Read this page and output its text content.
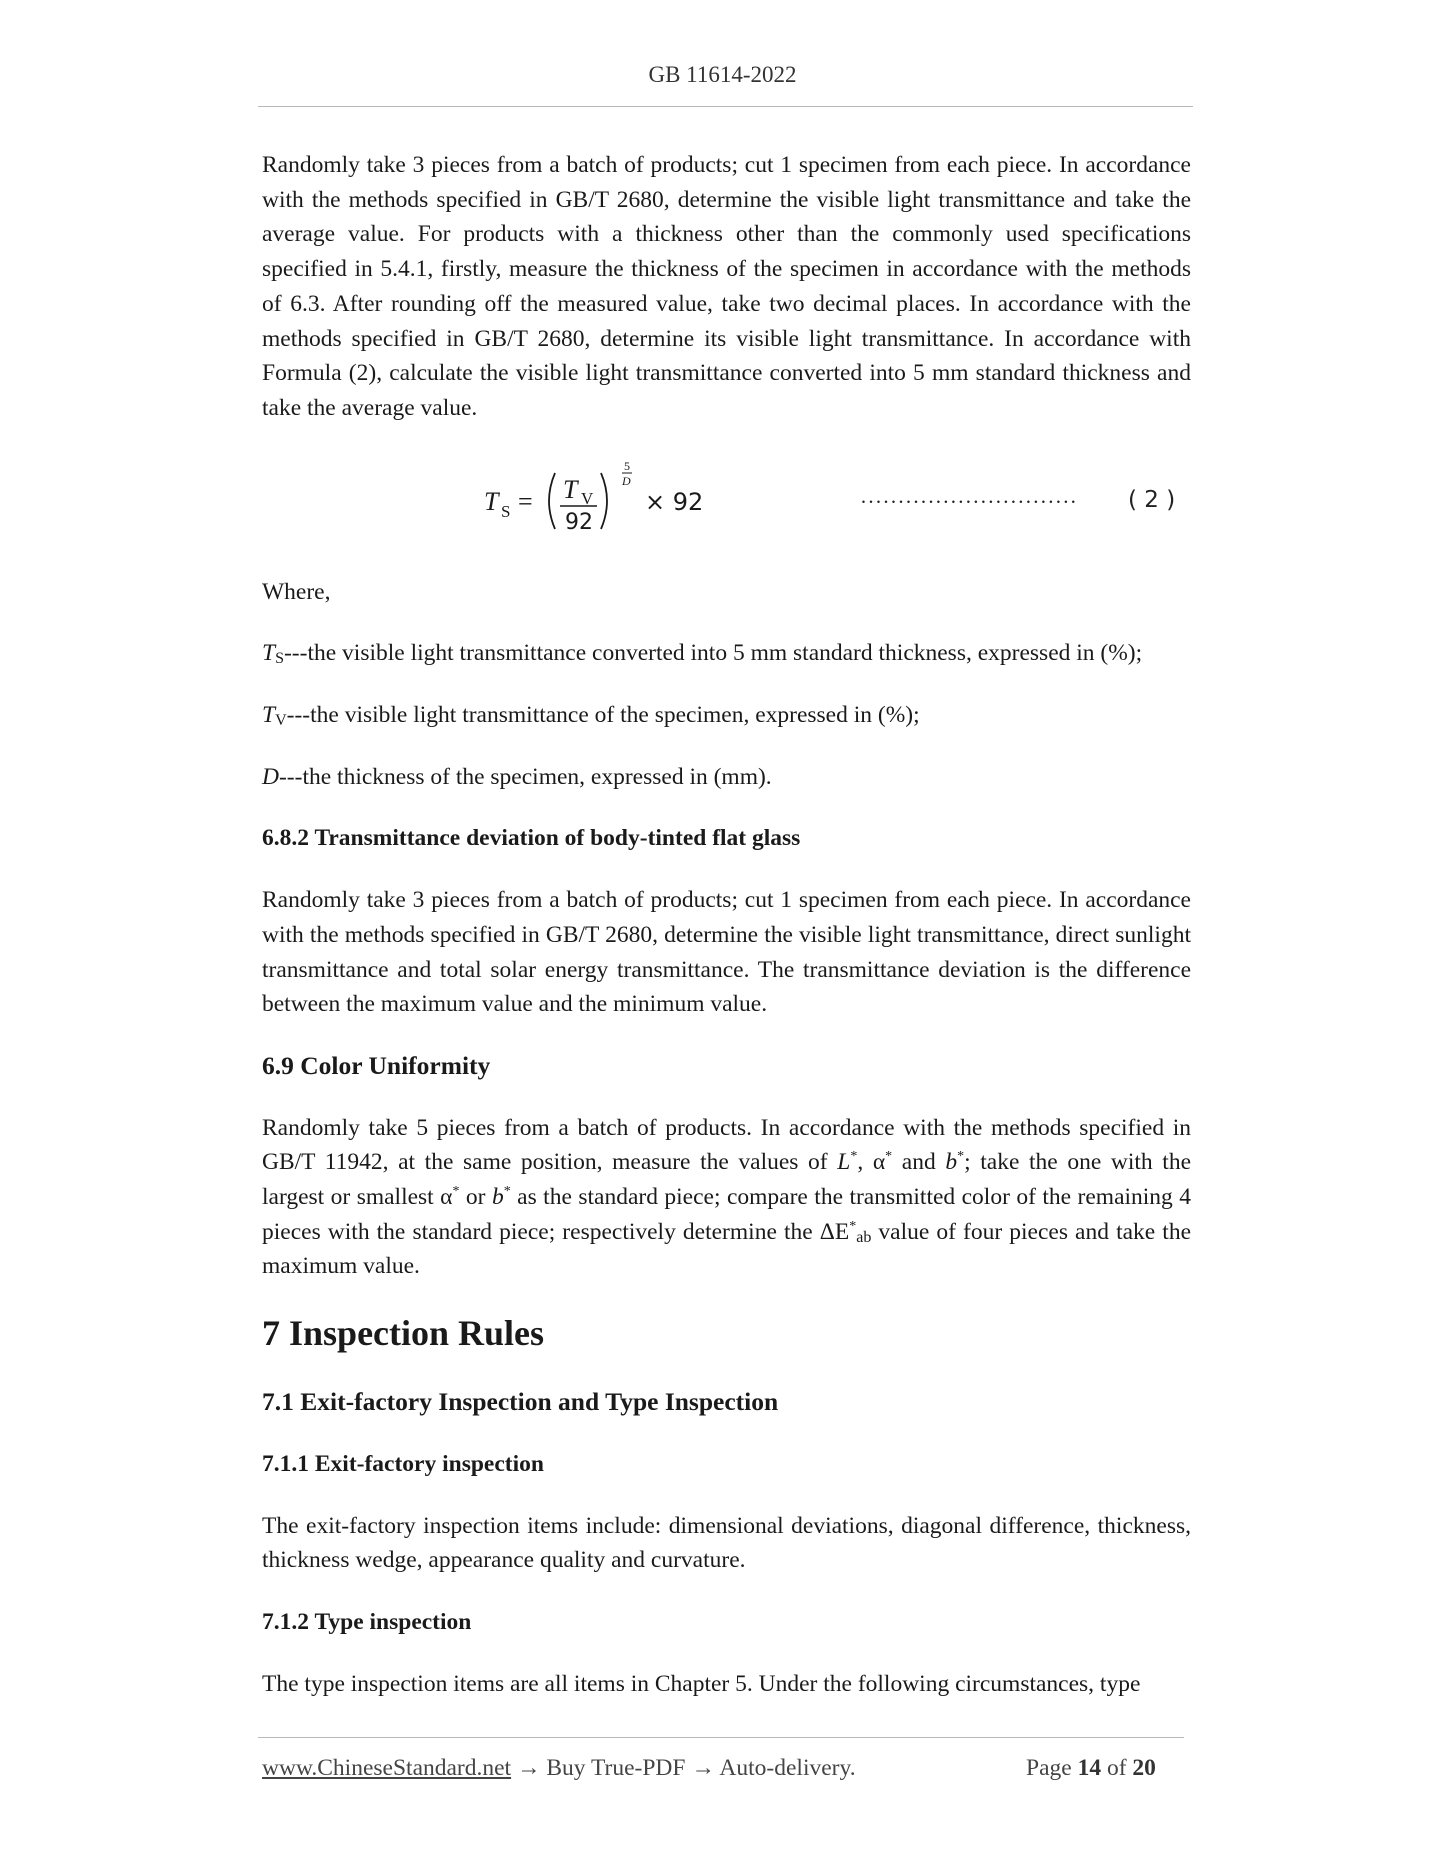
GB 11614-2022

Randomly take 3 pieces from a batch of products; cut 1 specimen from each piece. In accordance with the methods specified in GB/T 2680, determine the visible light transmittance and take the average value. For products with a thickness other than the commonly used specifications specified in 5.4.1, firstly, measure the thickness of the specimen in accordance with the methods of 6.3. After rounding off the measured value, take two decimal places. In accordance with the methods specified in GB/T 2680, determine its visible light transmittance. In accordance with Formula (2), calculate the visible light transmittance converted into 5 mm standard thickness and take the average value.

T S = T V
92
5
D
× 92	····························· ( 2 )

Where,

$T_S--$-the visible light transmittance converted into 5 mm standard thickness, expressed in (%);

$T_V--$-the visible light transmittance of the specimen, expressed in (%);

D---the thickness of the specimen, expressed in (mm).

6.8.2 Transmittance deviation of body-tinted flat glass

Randomly take 3 pieces from a batch of products; cut 1 specimen from each piece. In accordance with the methods specified in GB/T 2680, determine the visible light transmittance, direct sunlight transmittance and total solar energy transmittance. The transmittance deviation is the difference between the maximum value and the minimum value.

6.9 Color Uniformity

Randomly take 5 pieces from a batch of products. In accordance with the methods specified in GB/T 11942, at the same position, measure the values of L*, α* and b*; take the one with the largest or smallest α* or b* as the standard piece; compare the transmitted color of the remaining 4 pieces with the standard piece; respectively determine the $\Delta E^*_{ab}$ value of four pieces and take the maximum value.

7 Inspection Rules

7.1 Exit-factory Inspection and Type Inspection

7.1.1 Exit-factory inspection

The exit-factory inspection items include: dimensional deviations, diagonal difference, thickness, thickness wedge, appearance quality and curvature.

7.1.2 Type inspection

The type inspection items are all items in Chapter 5. Under the following circumstances, type

www.ChineseStandard.net → Buy True-PDF → Auto-delivery.	Page 14 of 20
